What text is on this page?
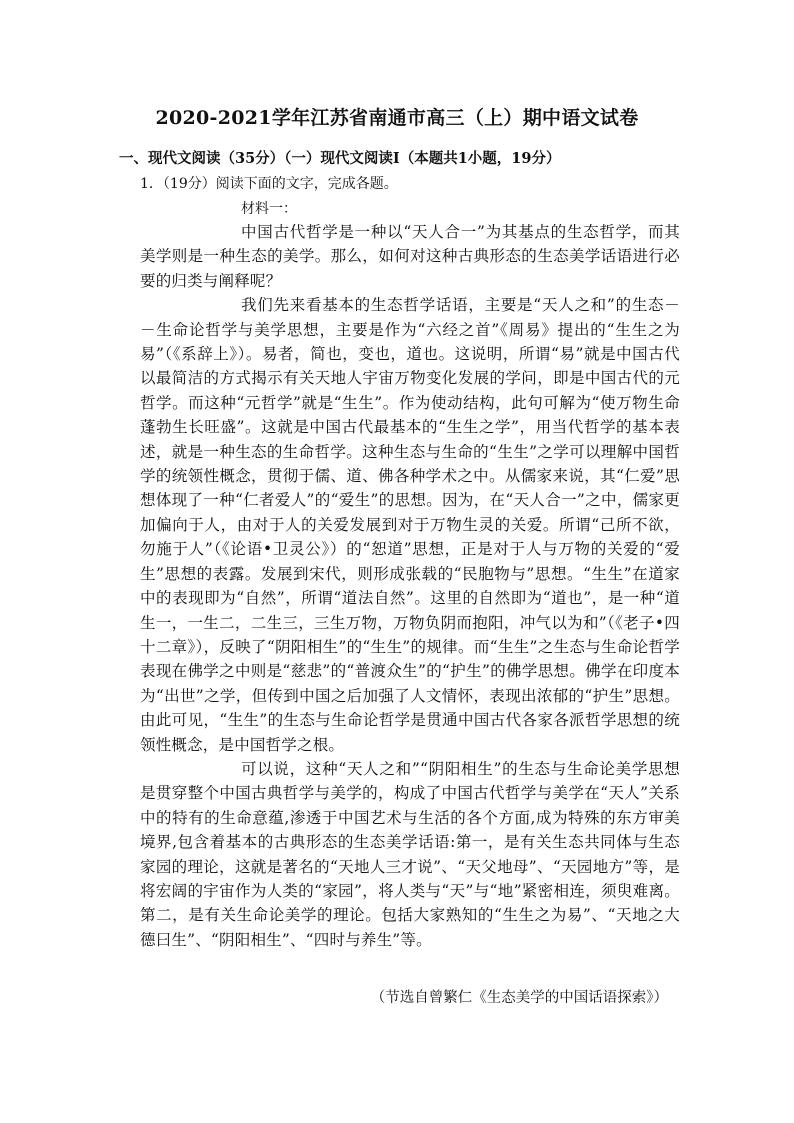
2020-2021学年江苏省南通市高三（上）期中语文试卷
一、现代文阅读（35分）（一）现代文阅读Ⅰ（本题共1小题，19分）
1．（19分）阅读下面的文字，完成各题。
材料一：

中国古代哲学是一种以“天人合一”为其基点的生态哲学，而其美学则是一种生态的美学。那么，如何对这种古典形态的生态美学话语进行必要的归类与阐释呢？

我们先来看基本的生态哲学话语，主要是“天人之和”的生态－－生命论哲学与美学思想，主要是作为“六经之首”《周易》提出的“生生之为易”（《系辞上》）。易者，简也，变也，道也。这说明，所谓“易”就是中国古代以最简洁的方式揭示有关天地人宇宙万物变化发展的学问，即是中国古代的元哲学。而这种“元哲学”就是“生生”。作为使动结构，此句可解为“使万物生命蓬勃生长旺盛”。这就是中国古代最基本的“生生之学”，用当代哲学的基本表述，就是一种生态的生命哲学。这种生态与生命的“生生”之学可以理解中国哲学的统领性概念，贯彻于儒、道、佛各种学术之中。从儒家来说，其“仁爱”思想体现了一种“仁者爱人”的“爱生”的思想。因为，在“天人合一”之中，儒家更加偏向于人，由对于人的关爱发展到对于万物生灵的关爱。所谓“己所不欲，勿施于人”（《论语•卫灵公》）的“恕道”思想，正是对于人与万物的关爱的“爱生”思想的表露。发展到宋代，则形成张载的“民胞物与”思想。“生生”在道家中的表现即为“自然”，所谓“道法自然”。这里的自然即为“道也”，是一种“道生一，一生二，二生三，三生万物，万物负阴而抱阳，冲气以为和”（《老子•四十二章》），反映了“阴阳相生”的“生生”的规律。而“生生”之生态与生命论哲学表现在佛学之中则是“慈悲”的“普渡众生”的“护生”的佛学思想。佛学在印度本为“出世”之学，但传到中国之后加强了人文情怀，表现出浓郁的“护生”思想。由此可见，“生生”的生态与生命论哲学是贯通中国古代各家各派哲学思想的统领性概念，是中国哲学之根。

可以说，这种“天人之和”“阴阳相生”的生态与生命论美学思想是贯穿整个中国古典哲学与美学的，构成了中国古代哲学与美学在“天人”关系中的特有的生命意蕴,渗透于中国艺术与生活的各个方面,成为特殊的东方审美境界,包含着基本的古典形态的生态美学话语:第一，是有关生态共同体与生态家园的理论，这就是著名的“天地人三才说”、“天父地母”、“天园地方”等，是将宏阔的宇宙作为人类的“家园”，将人类与“天”与“地”紧密相连，须臾难离。第二，是有关生命论美学的理论。包括大家熟知的“生生之为易”、“天地之大德曰生”、“阴阳相生”、“四时与养生”等。

（节选自曾繁仁《生态美学的中国话语探索》）
